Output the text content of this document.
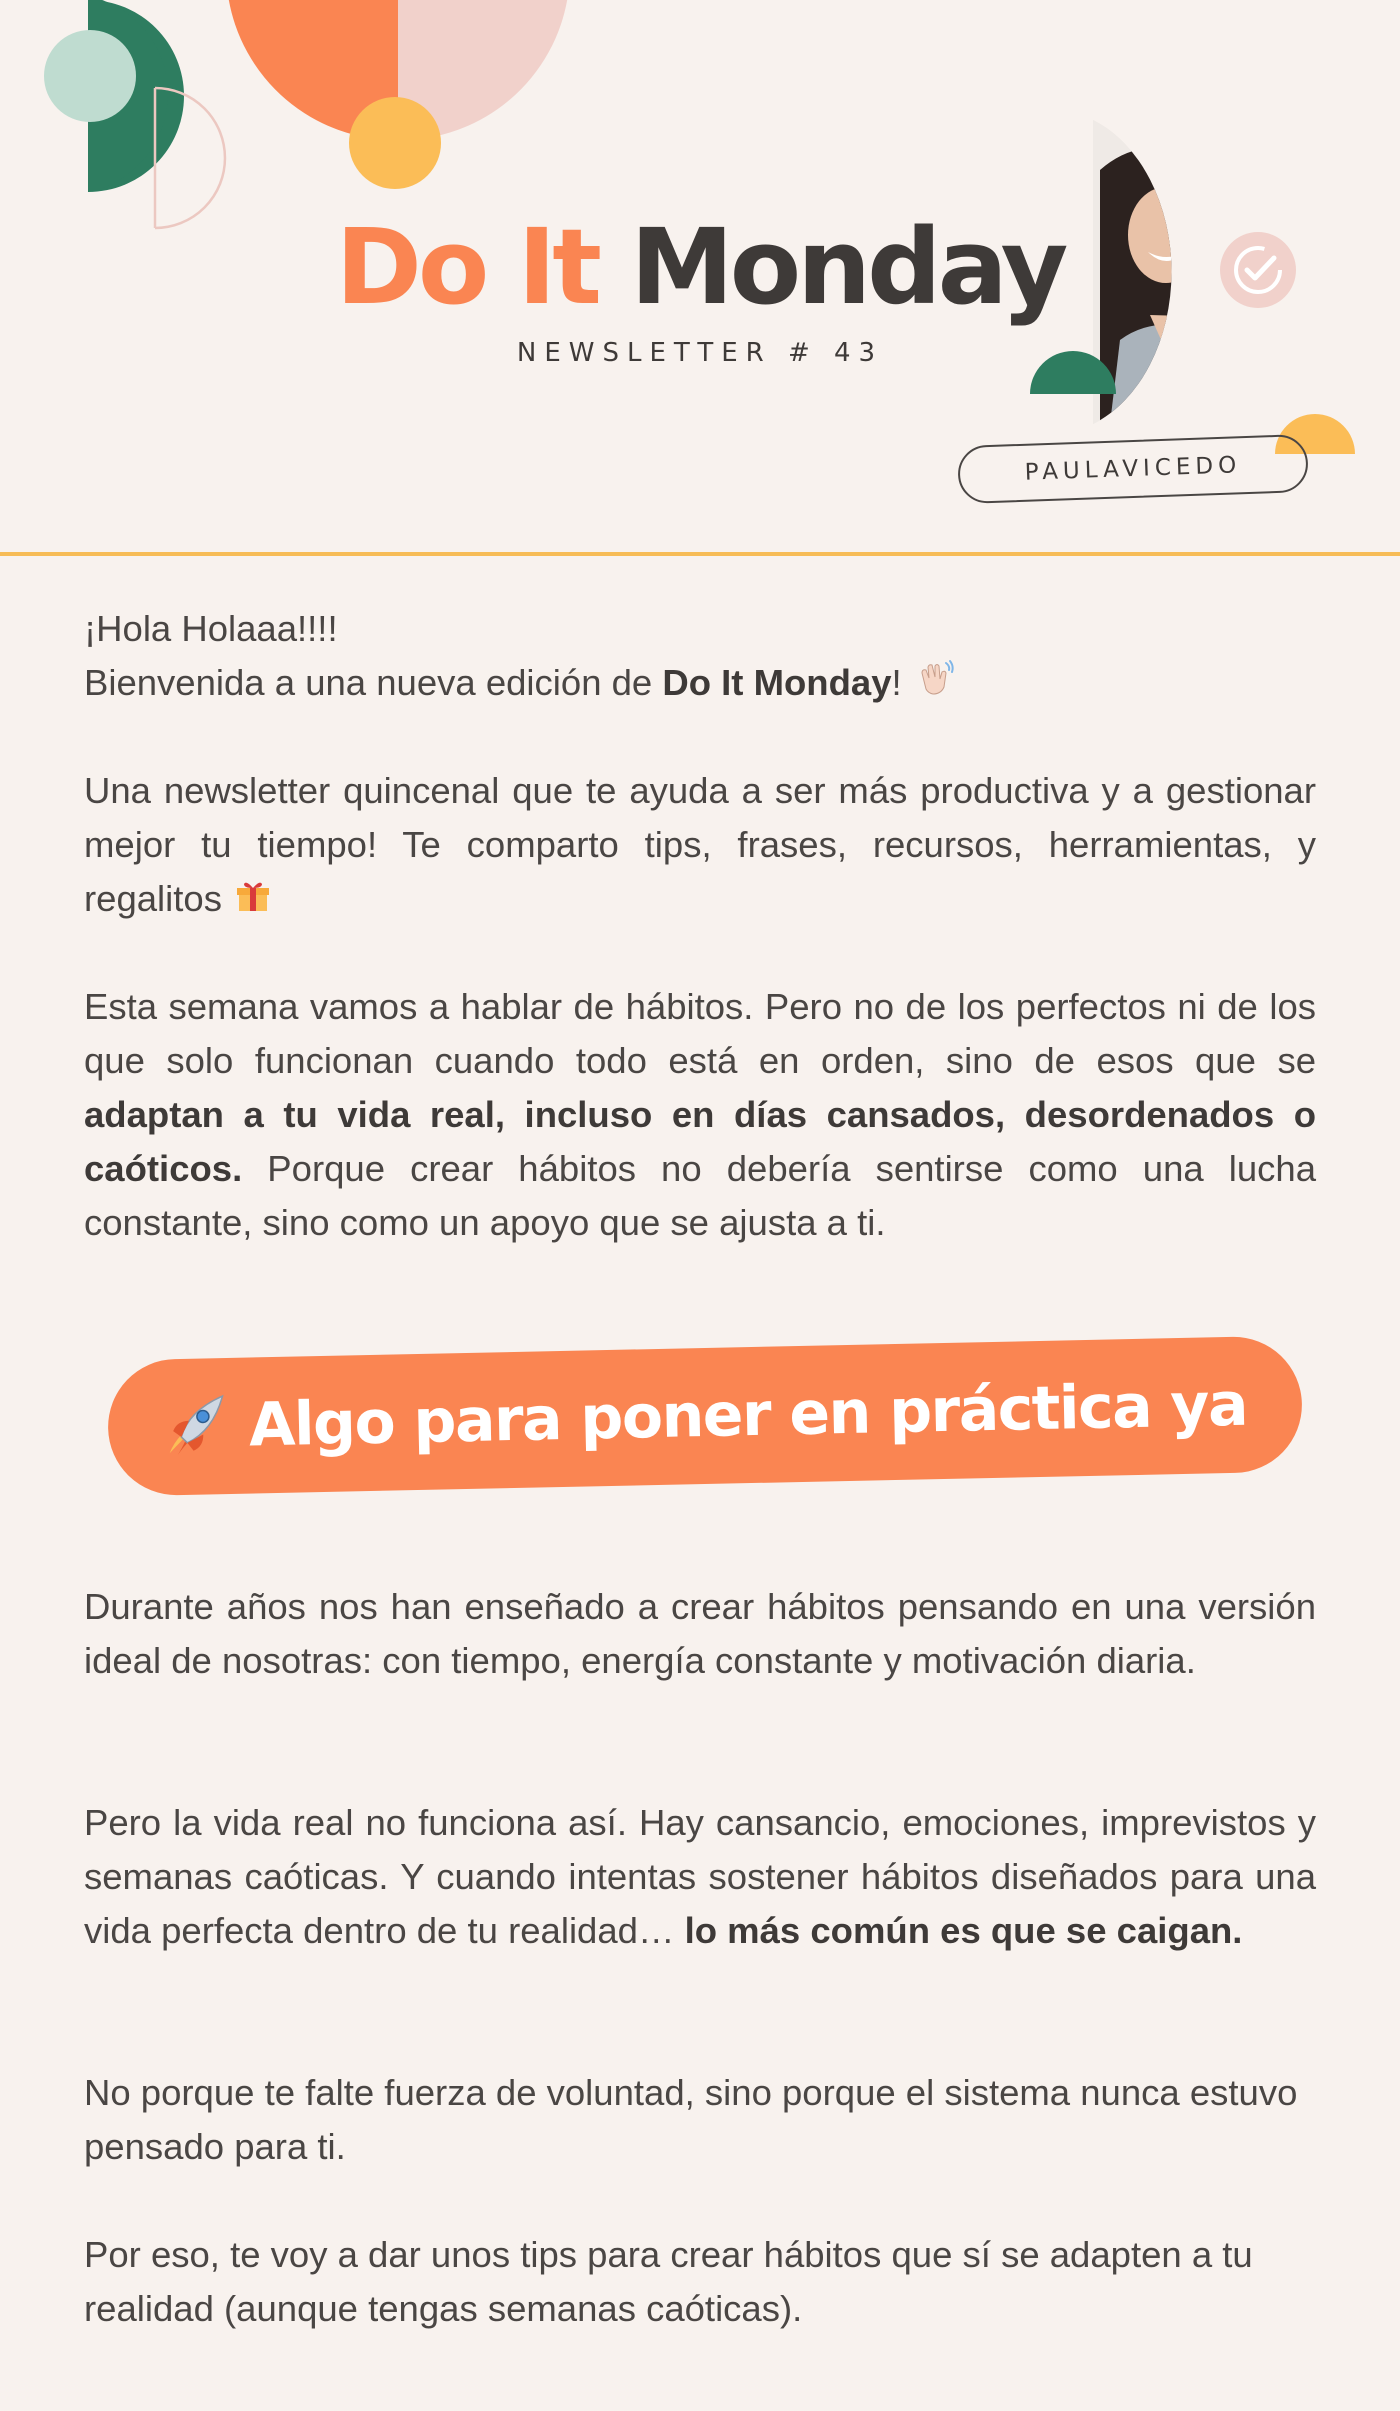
Do It Monday
NEWSLETTER # 43
PAULAVICEDO

¡Hola Holaaa!!!!

Bienvenida a una nueva edición de Do It Monday!

Una newsletter quincenal que te ayuda a ser más productiva y a gestionar mejor tu tiempo! Te comparto tips, frases, recursos, herramientas, y regalitos

Esta semana vamos a hablar de hábitos. Pero no de los perfectos ni de los que solo funcionan cuando todo está en orden, sino de esos que se adaptan a tu vida real, incluso en días cansados, desordenados o caóticos. Porque crear hábitos no debería sentirse como una lucha constante, sino como un apoyo que se ajusta a ti.

Algo para poner en práctica ya

Durante años nos han enseñado a crear hábitos pensando en una versión ideal de nosotras: con tiempo, energía constante y motivación diaria.

Pero la vida real no funciona así. Hay cansancio, emociones, imprevistos y semanas caóticas. Y cuando intentas sostener hábitos diseñados para una vida perfecta dentro de tu realidad… lo más común es que se caigan.

No porque te falte fuerza de voluntad, sino porque el sistema nunca estuvo pensado para ti.

Por eso, te voy a dar unos tips para crear hábitos que sí se adapten a tu realidad (aunque tengas semanas caóticas).
